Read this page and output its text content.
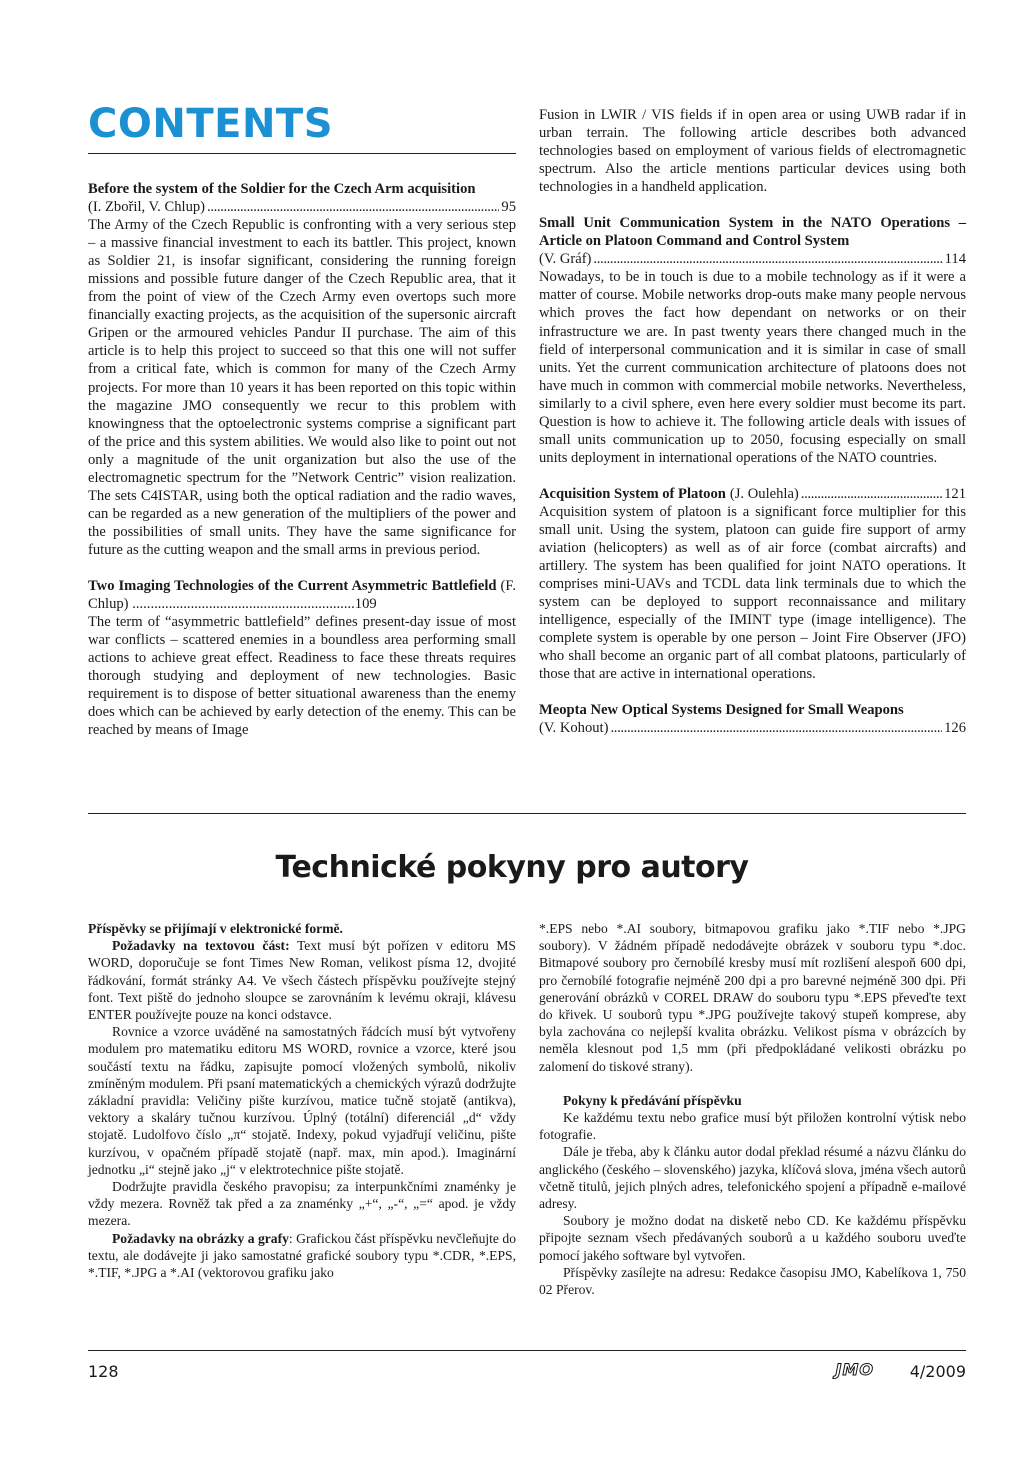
CONTENTS
Before the system of the Soldier for the Czech Arm acquisition
(I. Zbořil, V. Chlup) . . .	95

The Army of the Czech Republic is confronting with a very serious step – a massive financial investment to each its battler. This project, known as Soldier 21, is insofar significant, considering the running foreign missions and possible future danger of the Czech Republic area, that it from the point of view of the Czech Army even overtops such more financially exacting projects, as the acquisition of the supersonic aircraft Gripen or the armoured vehicles Pandur II purchase. The aim of this article is to help this project to succeed so that this one will not suffer from a critical fate, which is common for many of the Czech Army projects. For more than 10 years it has been reported on this topic within the magazine JMO consequently we recur to this problem with knowingness that the optoelectronic systems comprise a significant part of the price and this system abilities. We would also like to point out not only a magnitude of the unit organization but also the use of the electromagnetic spectrum for the ”Network Centric” vision realization. The sets C4ISTAR, using both the optical radiation and the radio waves, can be regarded as a new generation of the multipliers of the power and the possibilities of small units. They have the same significance for future as the cutting weapon and the small arms in previous period.

Two Imaging Technologies of the Current Asymmetric Battlefield (F. Chlup) .............................................................109

The term of “asymmetric battlefield” defines present-day issue of most war conflicts – scattered enemies in a boundless area performing small actions to achieve great effect. Readiness to face these threats requires thorough studying and deployment of new technologies. Basic requirement is to dispose of better situational awareness than the enemy does which can be achieved by early detection of the enemy. This can be reached by means of Image

Fusion in LWIR / VIS fields if in open area or using UWB radar if in urban terrain. The following article describes both advanced technologies based on employment of various fields of electromagnetic spectrum. Also the article mentions particular devices using both technologies in a handheld application.

Small Unit Communication System in the NATO Operations – Article on Platoon Command and Control System
(V. Gráf) . . .	114

Nowadays, to be in touch is due to a mobile technology as if it were a matter of course. Mobile networks drop-outs make many people nervous which proves the fact how dependant on networks or on their infrastructure we are. In past twenty years there changed much in the field of interpersonal communication and it is similar in case of small units. Yet the current communication architecture of platoons does not have much in common with commercial mobile networks. Nevertheless, similarly to a civil sphere, even here every soldier must become its part. Question is how to achieve it. The following article deals with issues of small units communication up to 2050, focusing especially on small units deployment in international operations of the NATO countries.

Acquisition System of Platoon (J. Oulehla) . . .	121

Acquisition system of platoon is a significant force multiplier for this small unit. Using the system, platoon can guide fire support of army aviation (helicopters) as well as of air force (combat aircrafts) and artillery. The system has been qualified for joint NATO operations. It comprises mini-UAVs and TCDL data link terminals due to which the system can be deployed to support reconnaissance and military intelligence, especially of the IMINT type (image intelligence). The complete system is operable by one person – Joint Fire Observer (JFO) who shall become an organic part of all combat platoons, particularly of those that are active in international operations.

Meopta New Optical Systems Designed for Small Weapons
(V. Kohout) . . .	126
Technické pokyny pro autory

Příspěvky se přijímají v elektronické formě.

Požadavky na textovou část: Text musí být pořízen v editoru MS WORD, doporučuje se font Times New Roman, velikost písma 12, dvojité řádkování, formát stránky A4. Ve všech částech příspěvku používejte stejný font. Text piště do jednoho sloupce se zarovnáním k levému okraji, klávesu ENTER používejte pouze na konci odstavce.

Rovnice a vzorce uváděné na samostatných řádcích musí být vytvořeny modulem pro matematiku editoru MS WORD, rovnice a vzorce, které jsou součástí textu na řádku, zapisujte pomocí vložených symbolů, nikoliv zmíněným modulem. Při psaní matematických a chemických výrazů dodržujte základní pravidla: Veličiny pište kurzívou, matice tučně stojatě (antikva), vektory a skaláry tučnou kurzívou. Úplný (totální) diferenciál „d“ vždy stojatě. Ludolfovo číslo „π“ stojatě. Indexy, pokud vyjadřují veličinu, pište kurzívou, v opačném případě stojatě (např. max, min apod.). Imaginární jednotku „i“ stejně jako „j“ v elektrotechnice pište stojatě.

Dodržujte pravidla českého pravopisu; za interpunkčními znaménky je vždy mezera. Rovněž tak před a za znaménky „+“, „-“, „=“ apod. je vždy mezera.

Požadavky na obrázky a grafy: Grafickou část příspěvku nevčleňujte do textu, ale dodávejte ji jako samostatné grafické soubory typu *.CDR, *.EPS, *.TIF, *.JPG a *.AI (vektorovou grafiku jako

*.EPS nebo *.AI soubory, bitmapovou grafiku jako *.TIF nebo *.JPG soubory). V žádném případě nedodávejte obrázek v souboru typu *.doc. Bitmapové soubory pro černobílé kresby musí mít rozlišení alespoň 600 dpi, pro černobílé fotografie nejméně 200 dpi a pro barevné nejméně 300 dpi. Při generování obrázků v COREL DRAW do souboru typu *.EPS převeďte text do křivek. U souborů typu *.JPG používejte takový stupeň komprese, aby byla zachována co nejlepší kvalita obrázku. Velikost písma v obrázcích by neměla klesnout pod 1,5 mm (při předpokládané velikosti obrázku po zalomení do tiskové strany).

Pokyny k předávání příspěvku

Ke každému textu nebo grafice musí být přiložen kontrolní výtisk nebo fotografie.

Dále je třeba, aby k článku autor dodal překlad résumé a názvu článku do anglického (českého – slovenského) jazyka, klíčová slova, jména všech autorů včetně titulů, jejich plných adres, telefonického spojení a případně e-mailové adresy.

Soubory je možno dodat na disketě nebo CD. Ke každému příspěvku připojte seznam všech předávaných souborů a u každého souboru uveďte pomocí jakého software byl vytvořen.

Příspěvky zasílejte na adresu: Redakce časopisu JMO, Kabelíkova 1, 750 02 Přerov.

128	JMO 4/2009
